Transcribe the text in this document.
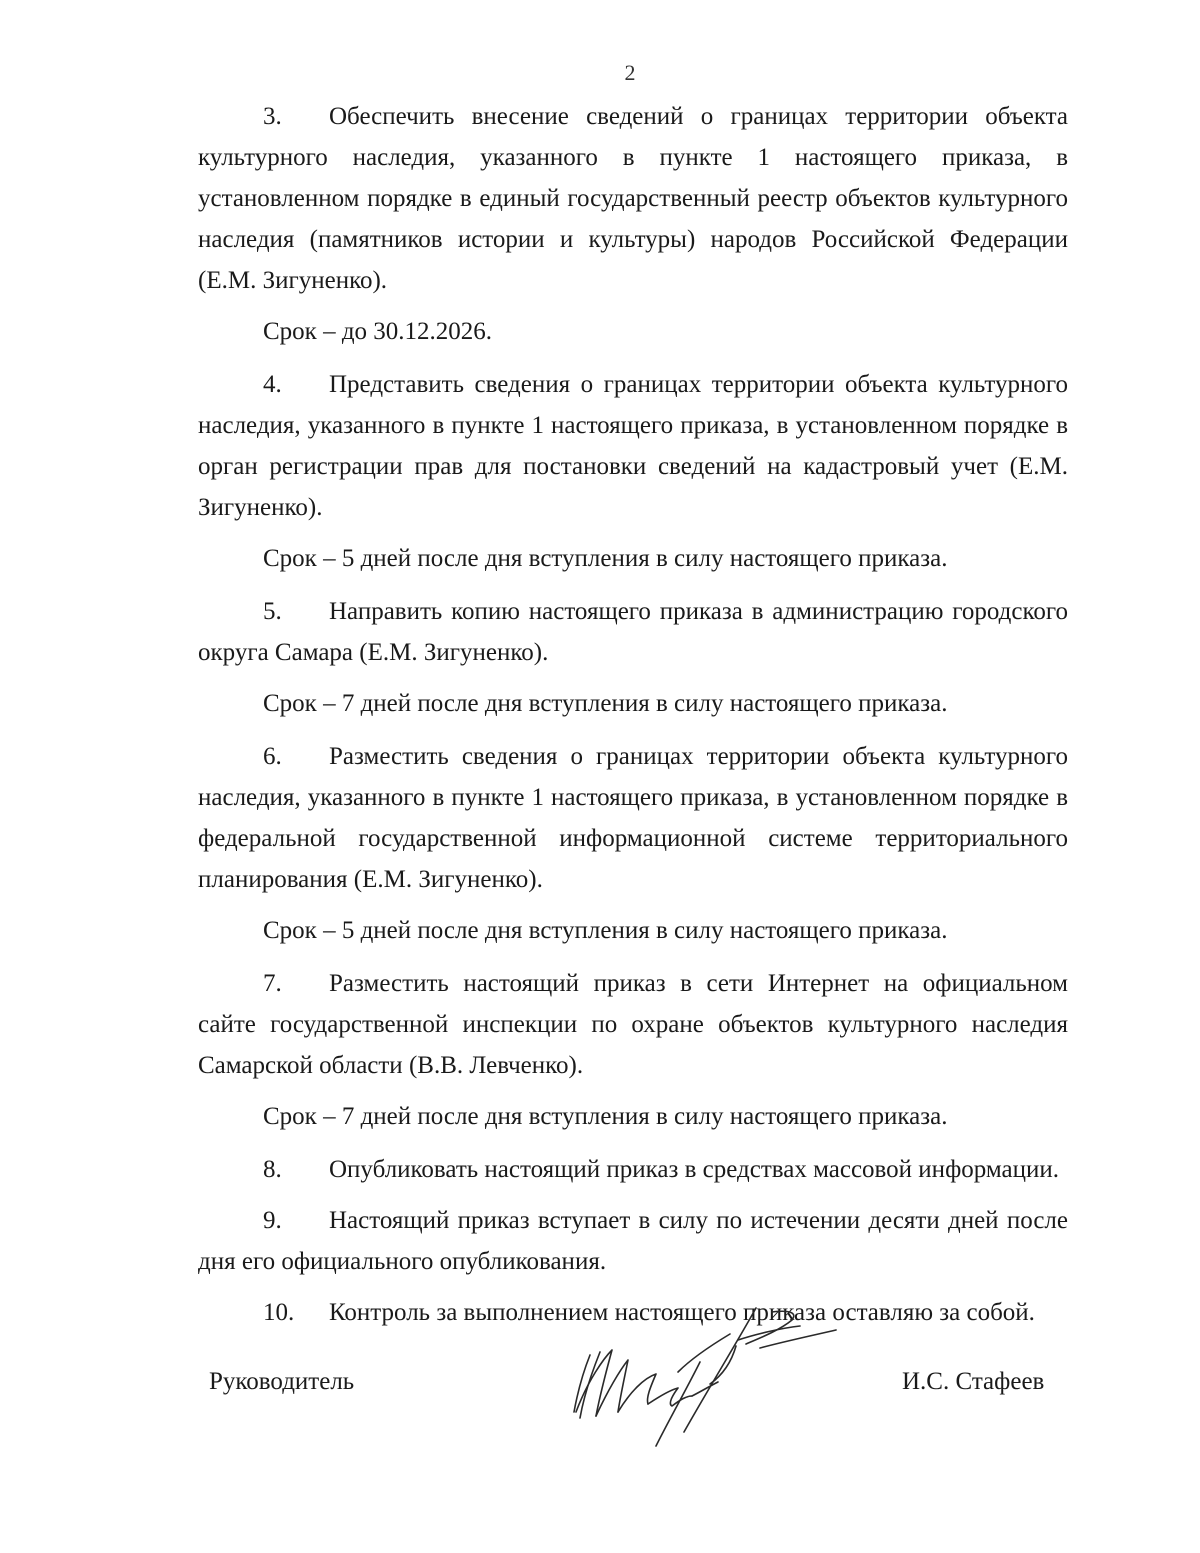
2

3. Обеспечить внесение сведений о границах территории объекта культурного наследия, указанного в пункте 1 настоящего приказа, в установленном порядке в единый государственный реестр объектов культурного наследия (памятников истории и культуры) народов Российской Федерации (Е.М. Зигуненко).

Срок – до 30.12.2026.

4. Представить сведения о границах территории объекта культурного наследия, указанного в пункте 1 настоящего приказа, в установленном порядке в орган регистрации прав для постановки сведений на кадастровый учет (Е.М. Зигуненко).

Срок – 5 дней после дня вступления в силу настоящего приказа.

5. Направить копию настоящего приказа в администрацию городского округа Самара (Е.М. Зигуненко).

Срок – 7 дней после дня вступления в силу настоящего приказа.

6. Разместить сведения о границах территории объекта культурного наследия, указанного в пункте 1 настоящего приказа, в установленном порядке в федеральной государственной информационной системе территориального планирования (Е.М. Зигуненко).

Срок – 5 дней после дня вступления в силу настоящего приказа.

7. Разместить настоящий приказ в сети Интернет на официальном сайте государственной инспекции по охране объектов культурного наследия Самарской области (В.В. Левченко).

Срок – 7 дней после дня вступления в силу настоящего приказа.

8. Опубликовать настоящий приказ в средствах массовой информации.

9. Настоящий приказ вступает в силу по истечении десяти дней после дня его официального опубликования.

10. Контроль за выполнением настоящего приказа оставляю за собой.

Руководитель	И.С. Стафеев
